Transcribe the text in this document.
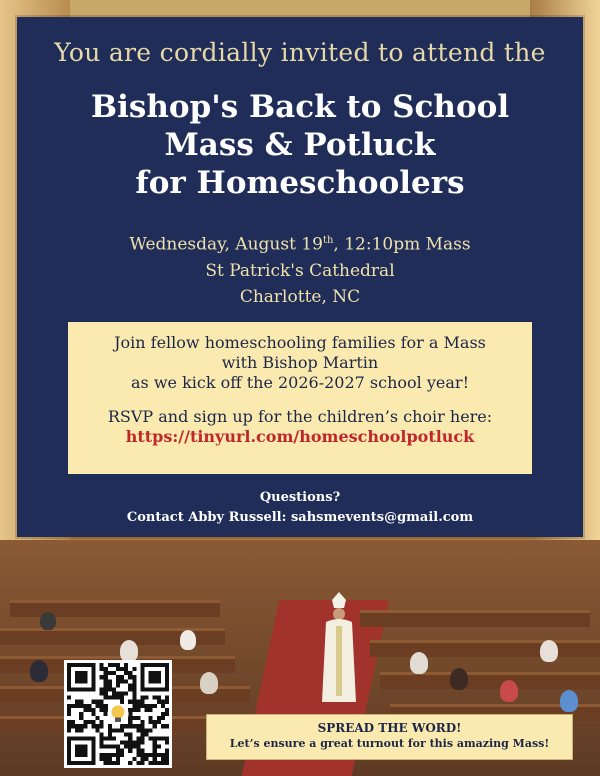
You are cordially invited to attend the
Bishop's Back to School
Mass & Potluck
for Homeschoolers
Wednesday, August 19th, 12:10pm Mass
St Patrick's Cathedral
Charlotte, NC
Join fellow homeschooling families for a Mass
with Bishop Martin
as we kick off the 2026-2027 school year!
RSVP and sign up for the children’s choir here:
https://tinyurl.com/homeschoolpotluck
Questions?
Contact Abby Russell: sahsmevents@gmail.com
SPREAD THE WORD!
Let’s ensure a great turnout for this amazing Mass!
